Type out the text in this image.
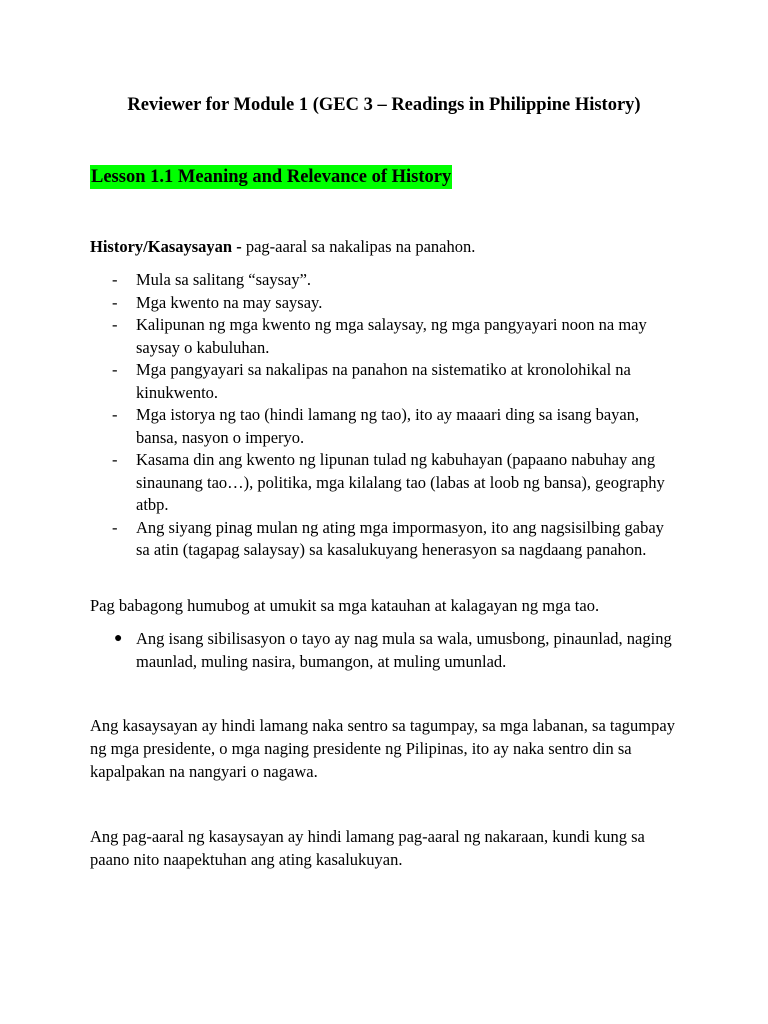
Reviewer for Module 1 (GEC 3 – Readings in Philippine History)
Lesson 1.1 Meaning and Relevance of History
History/Kasaysayan - pag-aaral sa nakalipas na panahon.
- Mula sa salitang “saysay”.
- Mga kwento na may saysay.
- Kalipunan ng mga kwento ng mga salaysay, ng mga pangyayari noon na may saysay o kabuluhan.
- Mga pangyayari sa nakalipas na panahon na sistematiko at kronolohikal na kinukwento.
- Mga istorya ng tao (hindi lamang ng tao), ito ay maaari ding sa isang bayan, bansa, nasyon o imperyo.
- Kasama din ang kwento ng lipunan tulad ng kabuhayan (papaano nabuhay ang sinaunang tao…), politika, mga kilalang tao (labas at loob ng bansa), geography atbp.
- Ang siyang pinag mulan ng ating mga impormasyon, ito ang nagsisilbing gabay sa atin (tagapag salaysay) sa kasalukuyang henerasyon sa nagdaang panahon.
Pag babagong humubog at umukit sa mga katauhan at kalagayan ng mga tao.
● Ang isang sibilisasyon o tayo ay nag mula sa wala, umusbong, pinaunlad, naging maunlad, muling nasira, bumangon, at muling umunlad.
Ang kasaysayan ay hindi lamang naka sentro sa tagumpay, sa mga labanan, sa tagumpay ng mga presidente, o mga naging presidente ng Pilipinas, ito ay naka sentro din sa kapalpakan na nangyari o nagawa.
Ang pag-aaral ng kasaysayan ay hindi lamang pag-aaral ng nakaraan, kundi kung sa paano nito naapektuhan ang ating kasalukuyan.
